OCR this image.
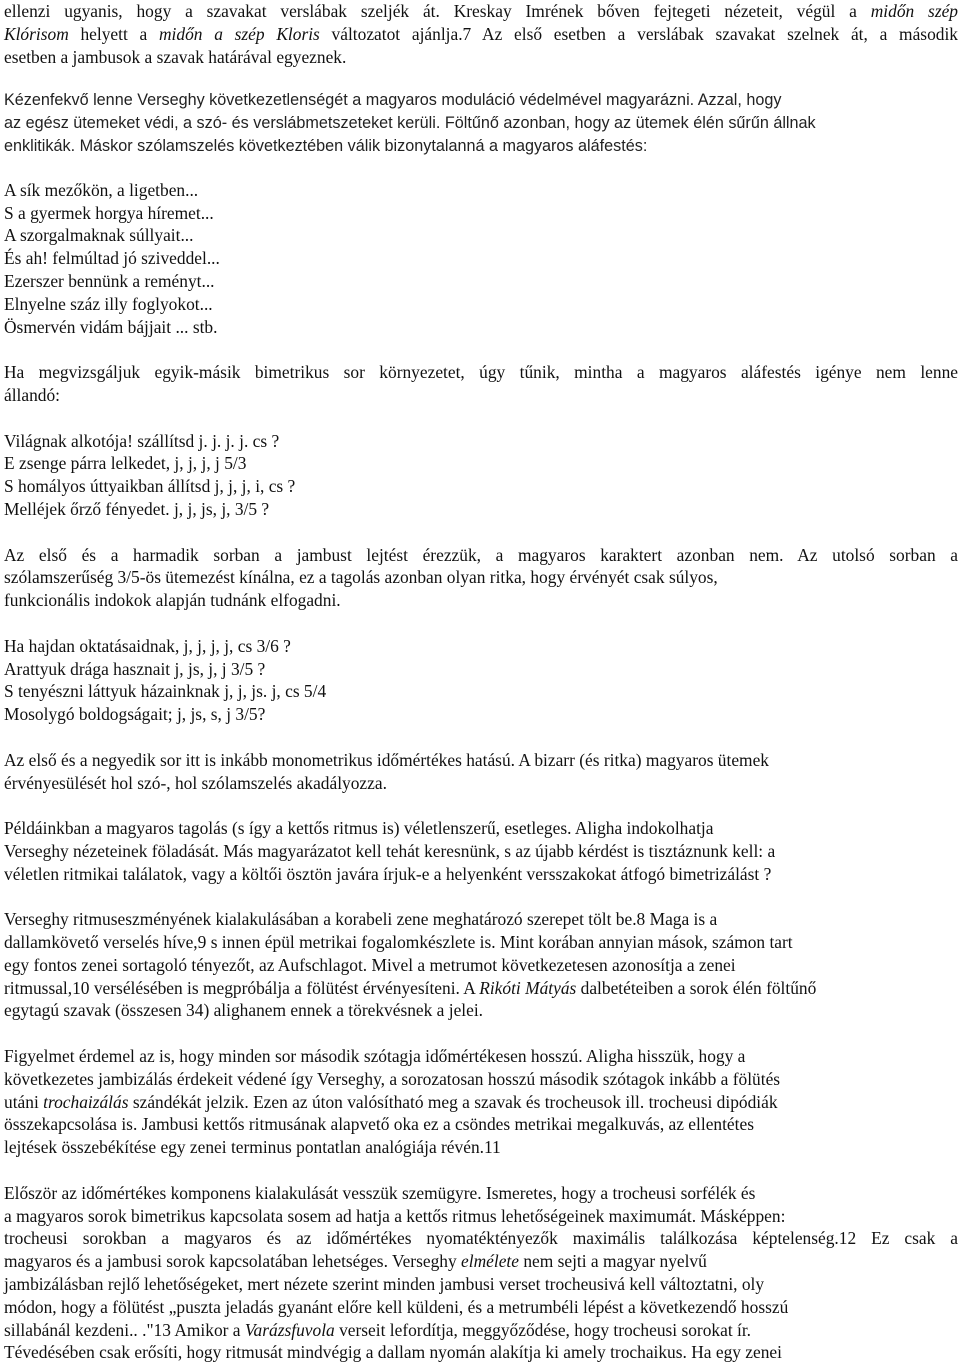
ellenzi ugyanis, hogy a szavakat verslábak szeljék át. Kreskay Imrének bőven fejtegeti nézeteit, végül a midőn szép
Klórisom helyett a midőn a szép Kloris változatot ajánlja.7 Az első esetben a verslábak szavakat szelnek át, a második
esetben a jambusok a szavak határával egyeznek.
Kézenfekvő lenne Verseghy következetlenségét a magyaros moduláció védelmével magyarázni. Azzal, hogy
az egész ütemeket védi, a szó- és verslábmetszeteket kerüli. Föltűnő azonban, hogy az ütemek élén sűrűn állnak
enklitikák. Máskor szólamszelés következtében válik bizonytalanná a magyaros aláfestés:
A sík mezőkön, a ligetben...
S a gyermek horgya híremet...
A szorgalmaknak súllyait...
És ah! felmúltad jó sziveddel...
Ezerszer bennünk a reményt...
Elnyelne száz illy foglyokot...
Ösmervén vidám bájjait ... stb.
Ha megvizsgáljuk egyik-másik bimetrikus sor környezetet, úgy tűnik, mintha a magyaros aláfestés igénye nem lenne
állandó:
Világnak alkotója! szállítsd j. j. j. j. cs ?
E zsenge párra lelkedet, j, j, j, j 5/3
S homályos úttyaikban állítsd j, j, j, i, cs ?
Melléjek őrző fényedet. j, j, js, j, 3/5 ?
Az első és a harmadik sorban a jambust lejtést érezzük, a magyaros karaktert azonban nem. Az utolsó sorban a
szólamszerűség 3/5-ös ütemezést kínálna, ez a tagolás azonban olyan ritka, hogy érvényét csak súlyos,
funkcionális indokok alapján tudnánk elfogadni.
Ha hajdan oktatásaidnak, j, j, j, j, cs 3/6 ?
Arattyuk drága hasznait j, js, j, j 3/5 ?
S tenyészni láttyuk házainknak j, j, js. j, cs 5/4
Mosolygó boldogságait; j, js, s, j 3/5?
Az első és a negyedik sor itt is inkább monometrikus időmértékes hatású. A bizarr (és ritka) magyaros ütemek
érvényesülését hol szó-, hol szólamszelés akadályozza.
Példáinkban a magyaros tagolás (s így a kettős ritmus is) véletlenszerű, esetleges. Aligha indokolhatja
Verseghy nézeteinek föladását. Más magyarázatot kell tehát keresnünk, s az újabb kérdést is tisztáznunk kell: a
véletlen ritmikai találatok, vagy a költői ösztön javára írjuk-e a helyenként versszakokat átfogó bimetrizálást ?
Verseghy ritmuseszményének kialakulásában a korabeli zene meghatározó szerepet tölt be.8 Maga is a
dallamkövető verselés híve,9 s innen épül metrikai fogalomkészlete is. Mint korában annyian mások, számon tart
egy fontos zenei sortagoló tényezőt, az Aufschlagot. Mivel a metrumot következetesen azonosítja a zenei
ritmussal,10 versélésében is megpróbálja a fölütést érvényesíteni. A Rikóti Mátyás dalbetéteiben a sorok élén föltűnő
egytagú szavak (összesen 34) alighanem ennek a törekvésnek a jelei.
Figyelmet érdemel az is, hogy minden sor második szótagja időmértékesen hosszú. Aligha hisszük, hogy a
következetes jambizálás érdekeit védené így Verseghy, a sorozatosan hosszú második szótagok inkább a fölütés
utáni trochaizálás szándékát jelzik. Ezen az úton valósítható meg a szavak és trocheusok ill. trocheusi dipódiák
összekapcsolása is. Jambusi kettős ritmusának alapvető oka ez a csöndes metrikai megalkuvás, az ellentétes
lejtések összebékítése egy zenei terminus pontatlan analógiája révén.11
Először az időmértékes komponens kialakulását vesszük szemügyre. Ismeretes, hogy a trocheusi sorfélék és
a magyaros sorok bimetrikus kapcsolata sosem ad hatja a kettős ritmus lehetőségeinek maximumát. Másképpen:
trocheusi sorokban a magyaros és az időmértékes nyomatéktényezők maximális találkozása képtelenség.12 Ez csak a
magyaros és a jambusi sorok kapcsolatában lehetséges. Verseghy elmélete nem sejti a magyar nyelvű
jambizálásban rejlő lehetőségeket, mert nézete szerint minden jambusi verset trocheusivá kell változtatni, oly
módon, hogy a fölütést „puszta jeladás gyanánt előre kell küldeni, és a metrumbéli lépést a következendő hosszú
sillabánál kezdeni.. ."13 Amikor a Varázsfuvola verseit lefordítja, meggyőződése, hogy trocheusi sorokat ír.
Tévedésében csak erősíti, hogy ritmusát mindvégig a dallam nyomán alakítja ki amely trochaikus. Ha egy zenei
